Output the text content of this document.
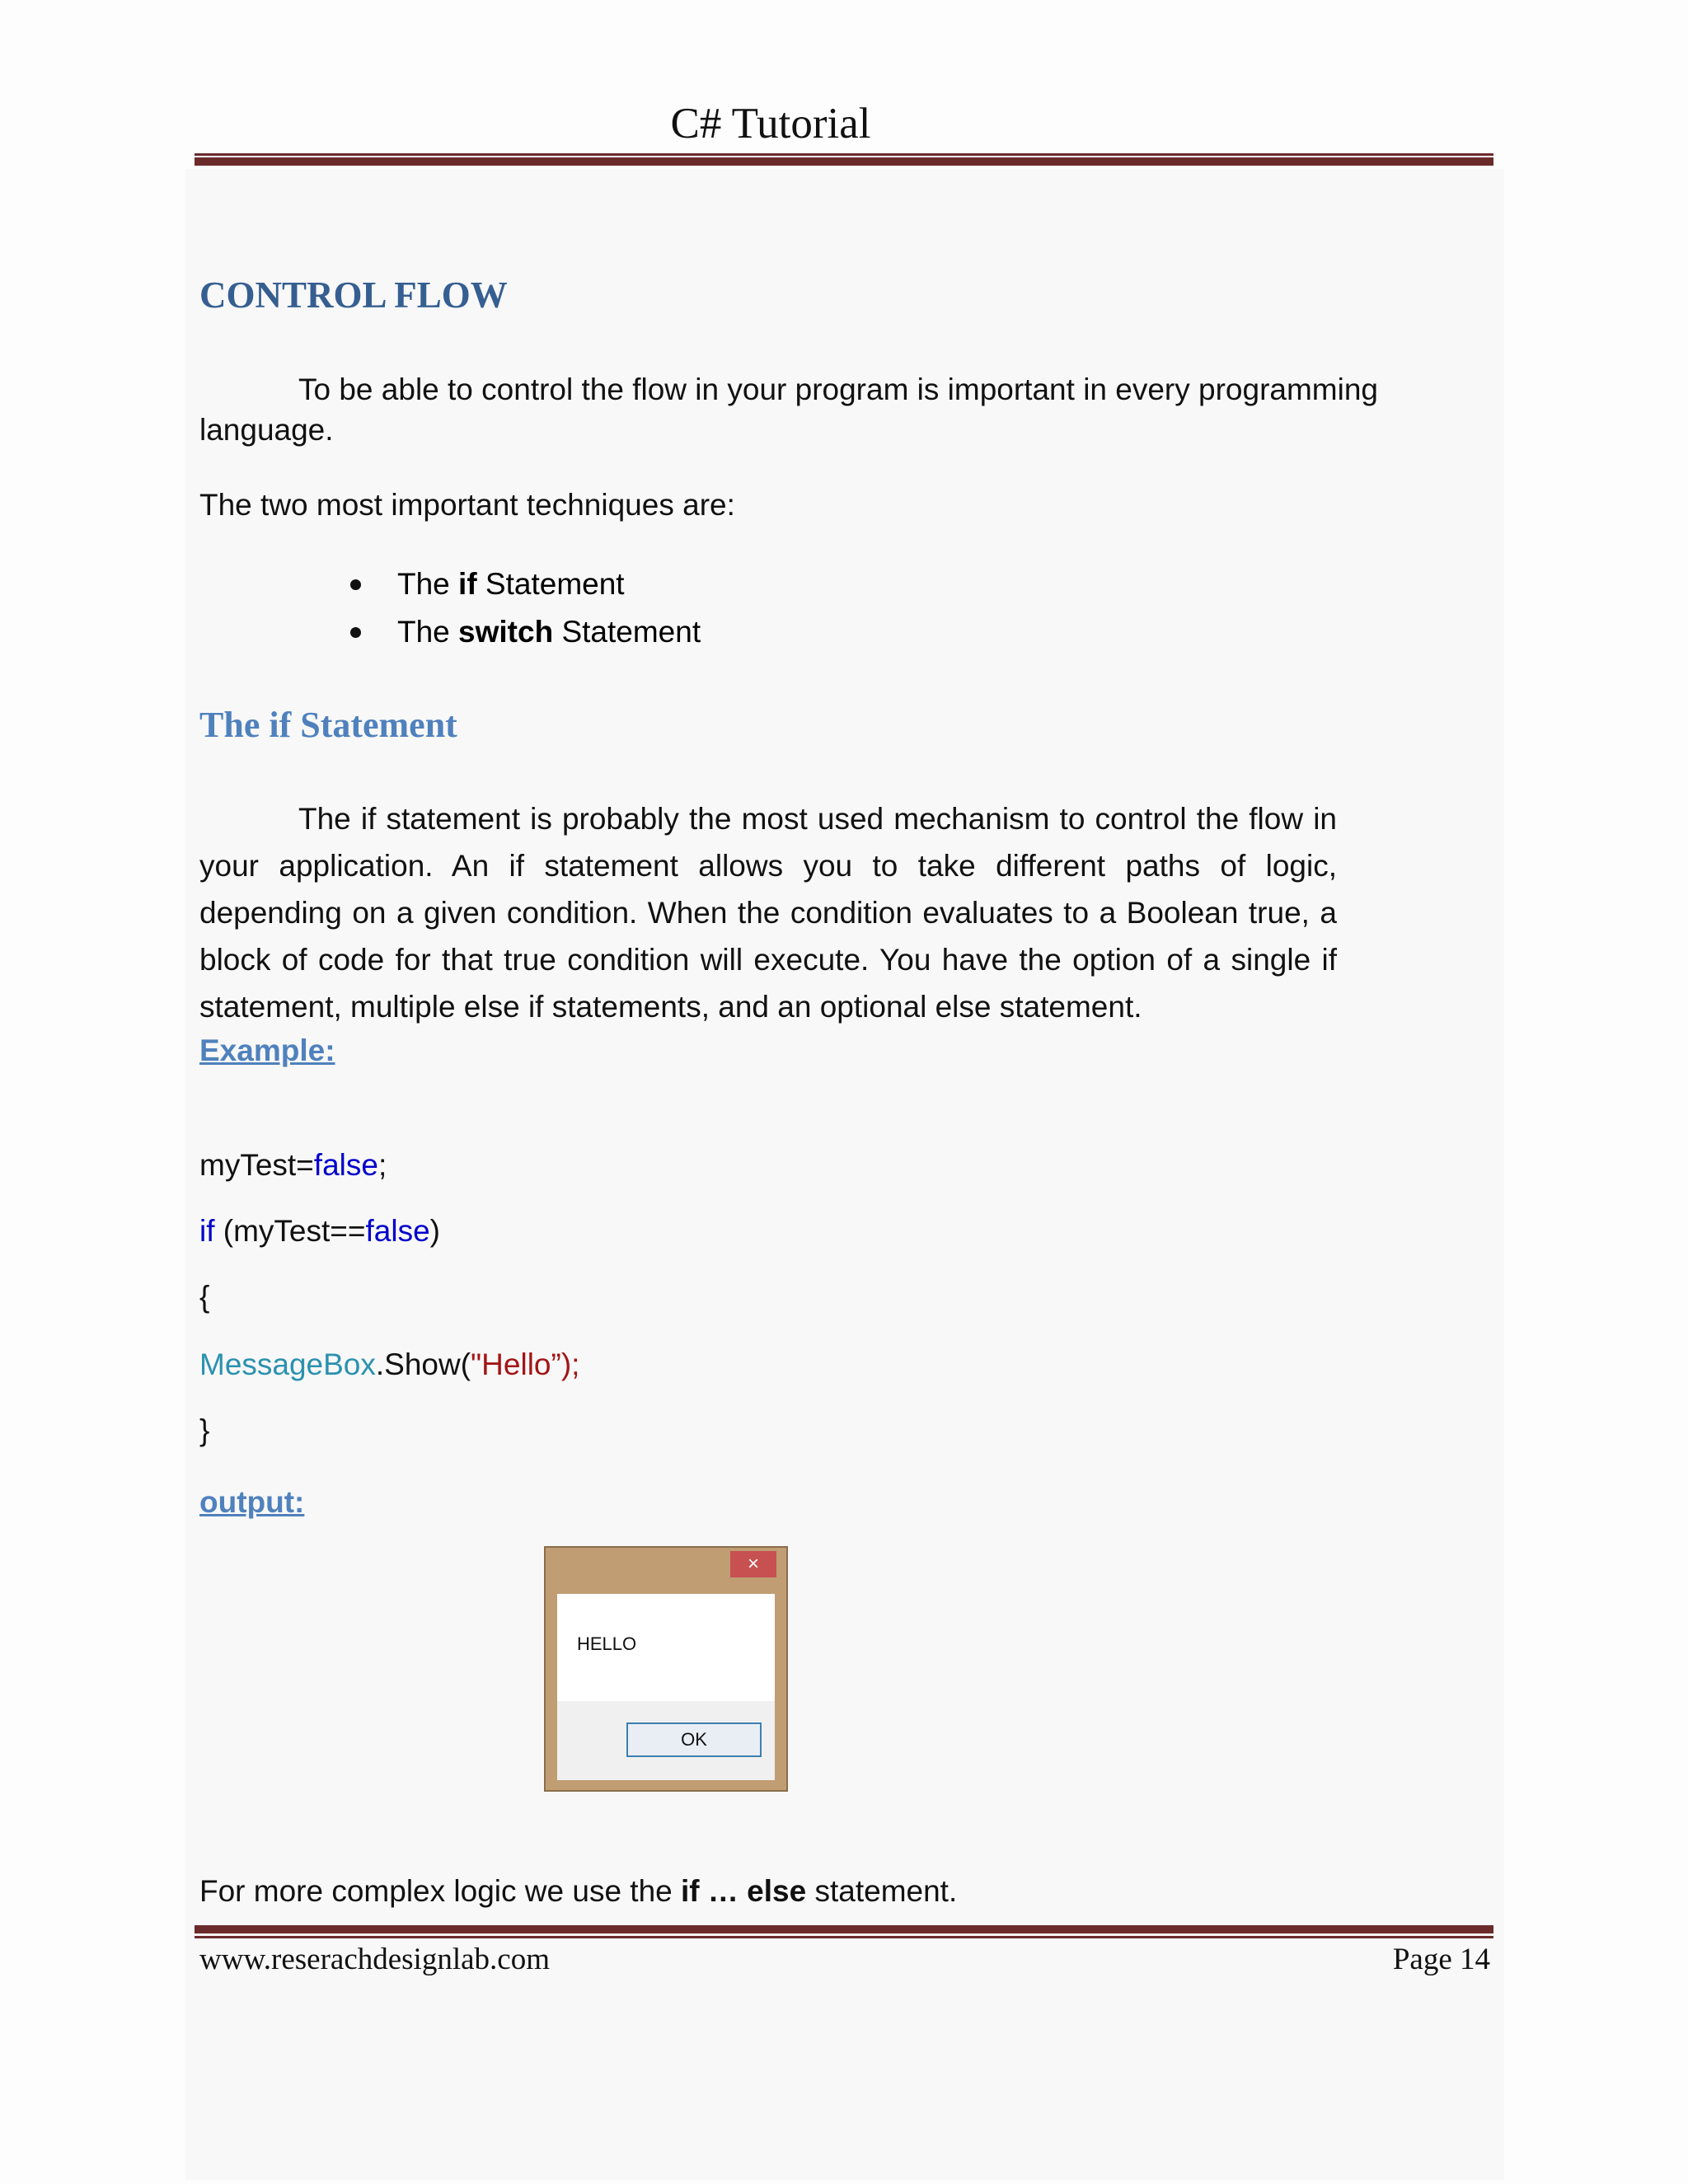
C# Tutorial
CONTROL FLOW
To be able to control the flow in your program is important in every programming
language.
The two most important techniques are:
The if Statement
The switch Statement
The if Statement
The if statement is probably the most used mechanism to control the flow in your application. An if statement allows you to take different paths of logic, depending on a given condition. When the condition evaluates to a Boolean true, a block of code for that true condition will execute. You have the option of a single if statement, multiple else if statements, and an optional else statement.
Example:
myTest=false;
if (myTest==false)
{
MessageBox.Show("Hello”);
}
output:
×
HELLO
OK
For more complex logic we use the if … else statement.
www.reserachdesignlab.com	Page 14
